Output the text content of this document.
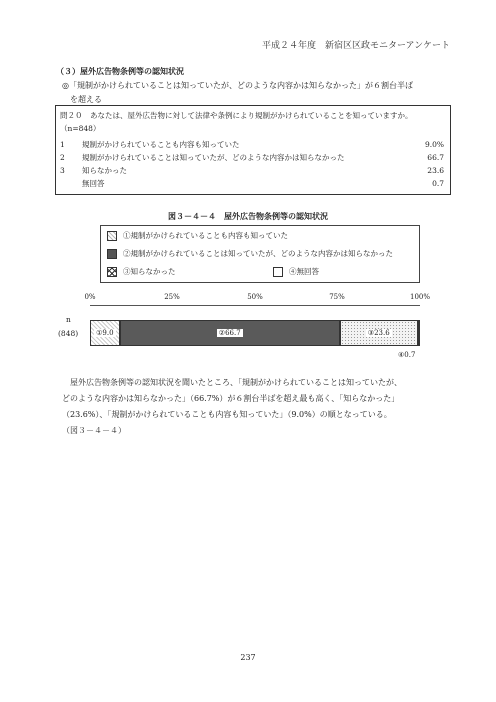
平成２４年度　新宿区区政モニターアンケート
（３）屋外広告物条例等の認知状況
◎「規制がかけられていることは知っていたが、どのような内容かは知らなかった」が６割台半ば
を超える
問２０　あなたは、屋外広告物に対して法律や条例により規制がかけられていることを知っていますか。（n=848）
1 規制がかけられていることも内容も知っていた	9.0%
2 規制がかけられていることは知っていたが、どのような内容かは知らなかった	66.7
3 知らなかった	23.6
無回答	0.7
図３－４－４　屋外広告物条例等の認知状況
①規制がかけられていることも内容も知っていた
②規制がかけられていることは知っていたが、どのような内容かは知らなかった
③知らなかった	④無回答
0%	25%	50%	75%	100%
n
(848)	①9.0	②66.7	③23.6
④0.7
屋外広告物条例等の認知状況を聞いたところ、「規制がかけられていることは知っていたが、
どのような内容かは知らなかった」（66.7%）が６割台半ばを超え最も高く、「知らなかった」
（23.6%）、「規制がかけられていることも内容も知っていた」（9.0%）の順となっている。
（図３－４－４）
237
